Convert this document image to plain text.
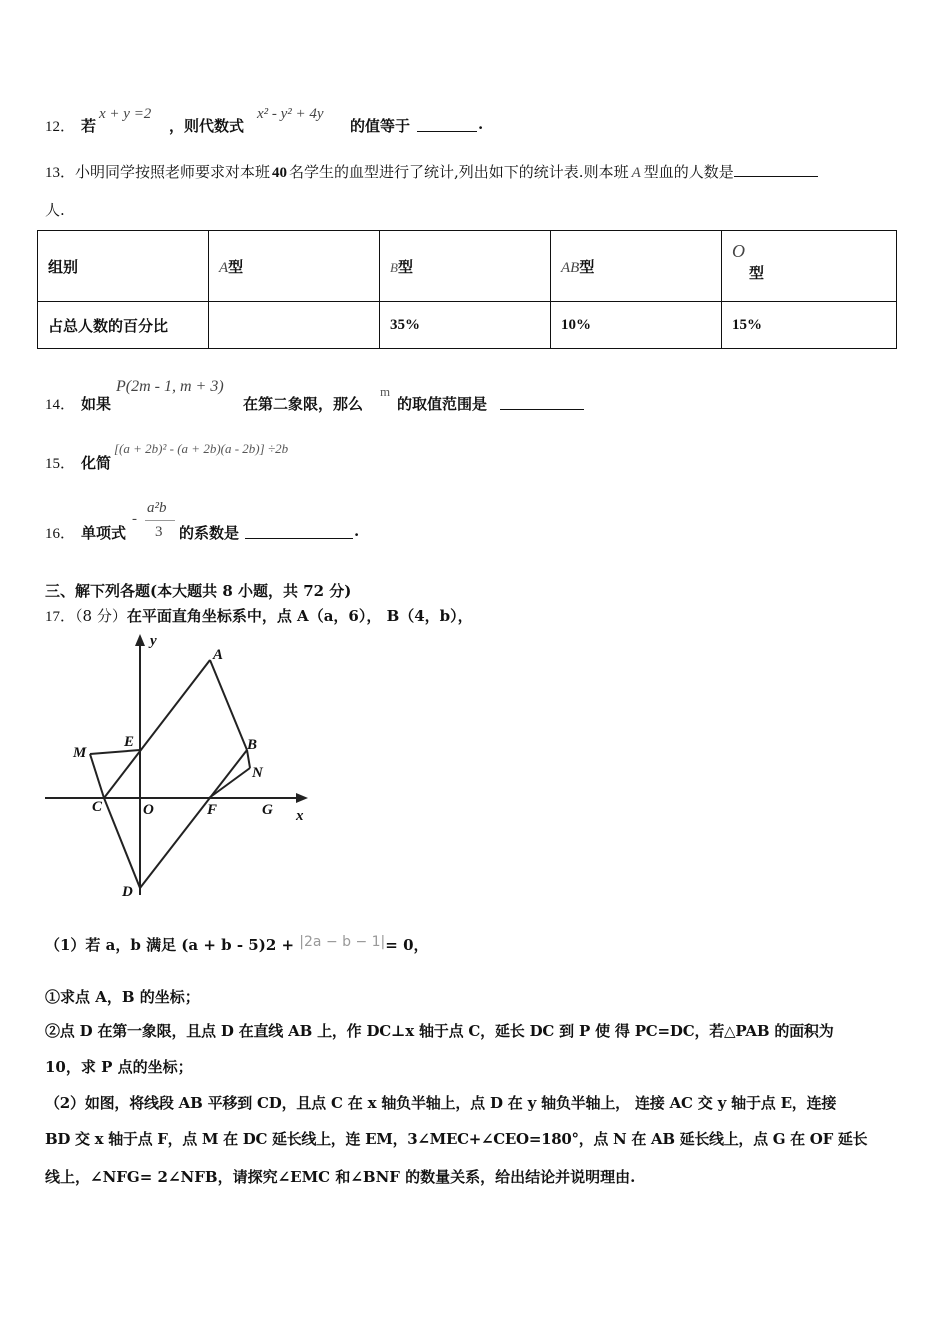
12． 若
x + y =2
，则代数式
x² - y² + 4y
的值等于	.
13．小明同学按照老师要求对本班 40 名学生的血型进行了统计,列出如下的统计表.则本班 A 型血的人数是
人.
组别	A型	B型	AB型	O
型

占总人数的百分比		35%	10%	15%
14． 如果
P(2m - 1, m + 3)
在第二象限，那么
m
的取值范围是
15． 化简
[(a + 2b)² - (a + 2b)(a - 2b)] ÷2b
16． 单项式
-
a²b
3 的系数是	.
三、解下列各题(本大题共 8 小题，共 72 分)
17．（8 分）在平面直角坐标系中，点 A（a，6）， B（4，b），
y
A
E
M	B
N
C	O	F	G x
D
（1）若 a，b 满足 (a + b - 5)2 + |2a − b − 1|= 0，
①求点 A，B 的坐标；
②点 D 在第一象限，且点 D 在直线 AB 上，作 DC⊥x 轴于点 C，延长 DC 到 P 使 得 PC=DC，若△PAB 的面积为
10，求 P 点的坐标；
（2）如图，将线段 AB 平移到 CD，且点 C 在 x 轴负半轴上，点 D 在 y 轴负半轴上， 连接 AC 交 y 轴于点 E，连接
BD 交 x 轴于点 F，点 M 在 DC 延长线上，连 EM，3∠MEC+∠CEO=180°，点 N 在 AB 延长线上，点 G 在 OF 延长
线上，∠NFG= 2∠NFB，请探究∠EMC 和∠BNF 的数量关系，给出结论并说明理由.
